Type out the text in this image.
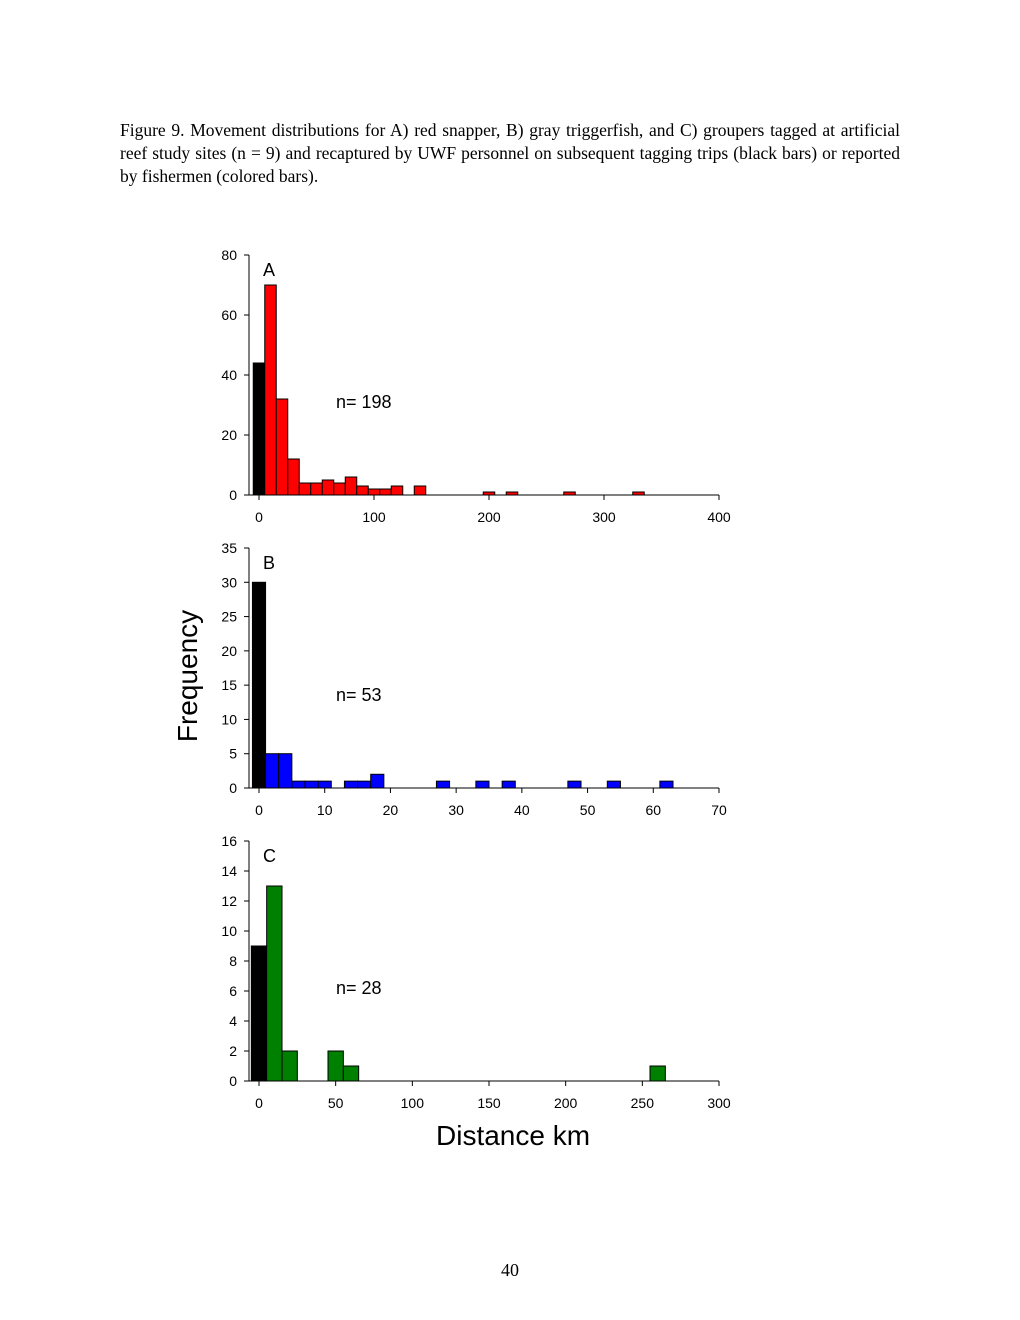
Figure 9. Movement distributions for A) red snapper, B) gray triggerfish, and C) groupers tagged at artificial reef study sites (n = 9) and recaptured by UWF personnel on subsequent tagging trips (black bars) or reported by fishermen (colored bars).
0
20
40
60
80
0	100	200	300	400
A
n= 198
0
5
10
15
20
25
30
35
0	10	20	30	40	50	60	70
B
n= 53
0
2
4
6
8
10
12
14
16
0	50	100	150	200	250	300
C
n= 28
Frequency
Distance km
40
